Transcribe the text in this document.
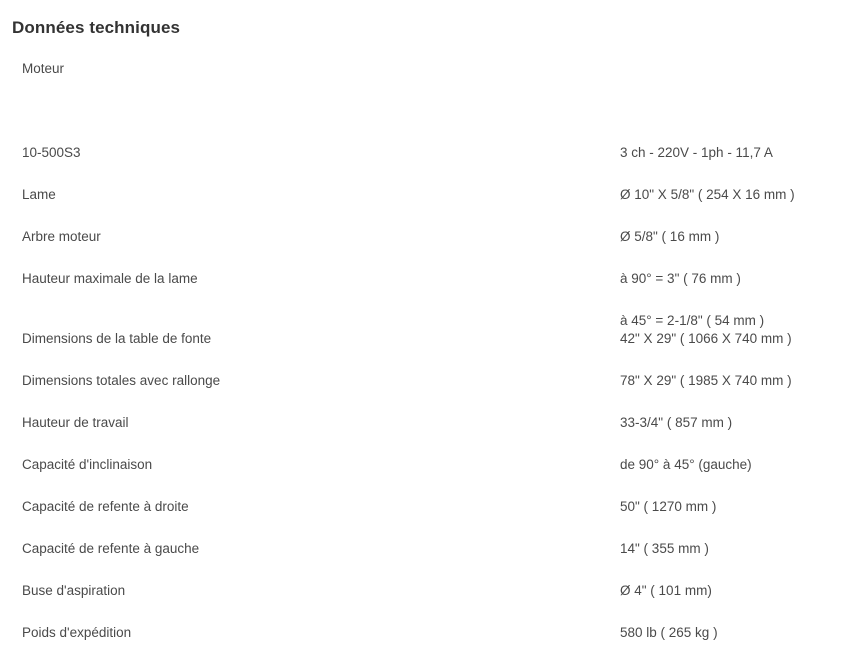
Données techniques
Moteur	

10-500S3	3 ch - 220V - 1ph - 11,7 A

Lame	Ø 10" X 5/8" ( 254 X 16 mm )

Arbre moteur	Ø 5/8" ( 16 mm )

Hauteur maximale de la lame	à 90° = 3" ( 76 mm )
à 45° = 2-1/8" ( 54 mm )

Dimensions de la table de fonte	42" X 29" ( 1066 X 740 mm )

Dimensions totales avec rallonge	78" X 29" ( 1985 X 740 mm )

Hauteur de travail	33-3/4" ( 857 mm )

Capacité d'inclinaison	de 90° à 45° (gauche)

Capacité de refente à droite	50" ( 1270 mm )

Capacité de refente à gauche	14" ( 355 mm )

Buse d'aspiration	Ø 4" ( 101 mm)

Poids d'expédition	580 lb ( 265 kg )
